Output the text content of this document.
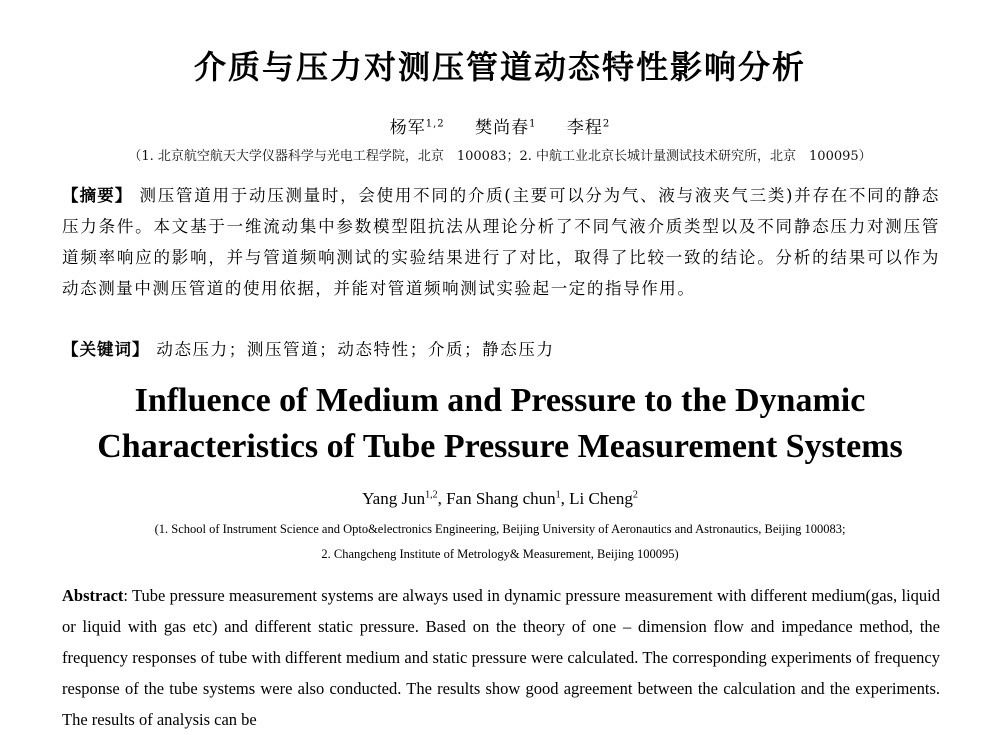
介质与压力对测压管道动态特性影响分析
杨军$^{1,2}$ 樊尚春$^1$ 李程$^2$
（1. 北京航空航天大学仪器科学与光电工程学院，北京　100083；2. 中航工业北京长城计量测试技术研究所，北京　100095）
【摘要】 测压管道用于动压测量时，会使用不同的介质(主要可以分为气、液与液夹气三类)并存在不同的静态压力条件。本文基于一维流动集中参数模型阻抗法从理论分析了不同气液介质类型以及不同静态压力对测压管道频率响应的影响，并与管道频响测试的实验结果进行了对比，取得了比较一致的结论。分析的结果可以作为动态测量中测压管道的使用依据，并能对管道频响测试实验起一定的指导作用。
【关键词】 动态压力；测压管道；动态特性；介质；静态压力
Influence of Medium and Pressure to the Dynamic
Characteristics of Tube Pressure Measurement Systems
Yang Jun$^{1,2}$, Fan Shang chun$^1$, Li Cheng$^2$
(1. School of Instrument Science and Opto&electronics Engineering, Beijing University of Aeronautics and Astronautics, Beijing 100083;
2. Changcheng Institute of Metrology& Measurement, Beijing 100095)
Abstract: Tube pressure measurement systems are always used in dynamic pressure measurement with different medium(gas, liquid or liquid with gas etc) and different static pressure. Based on the theory of one – dimension flow and impedance method, the frequency responses of tube with different medium and static pressure were calculated. The corresponding experiments of frequency response of the tube systems were also conducted. The results show good agreement between the calculation and the experiments. The results of analysis can be
